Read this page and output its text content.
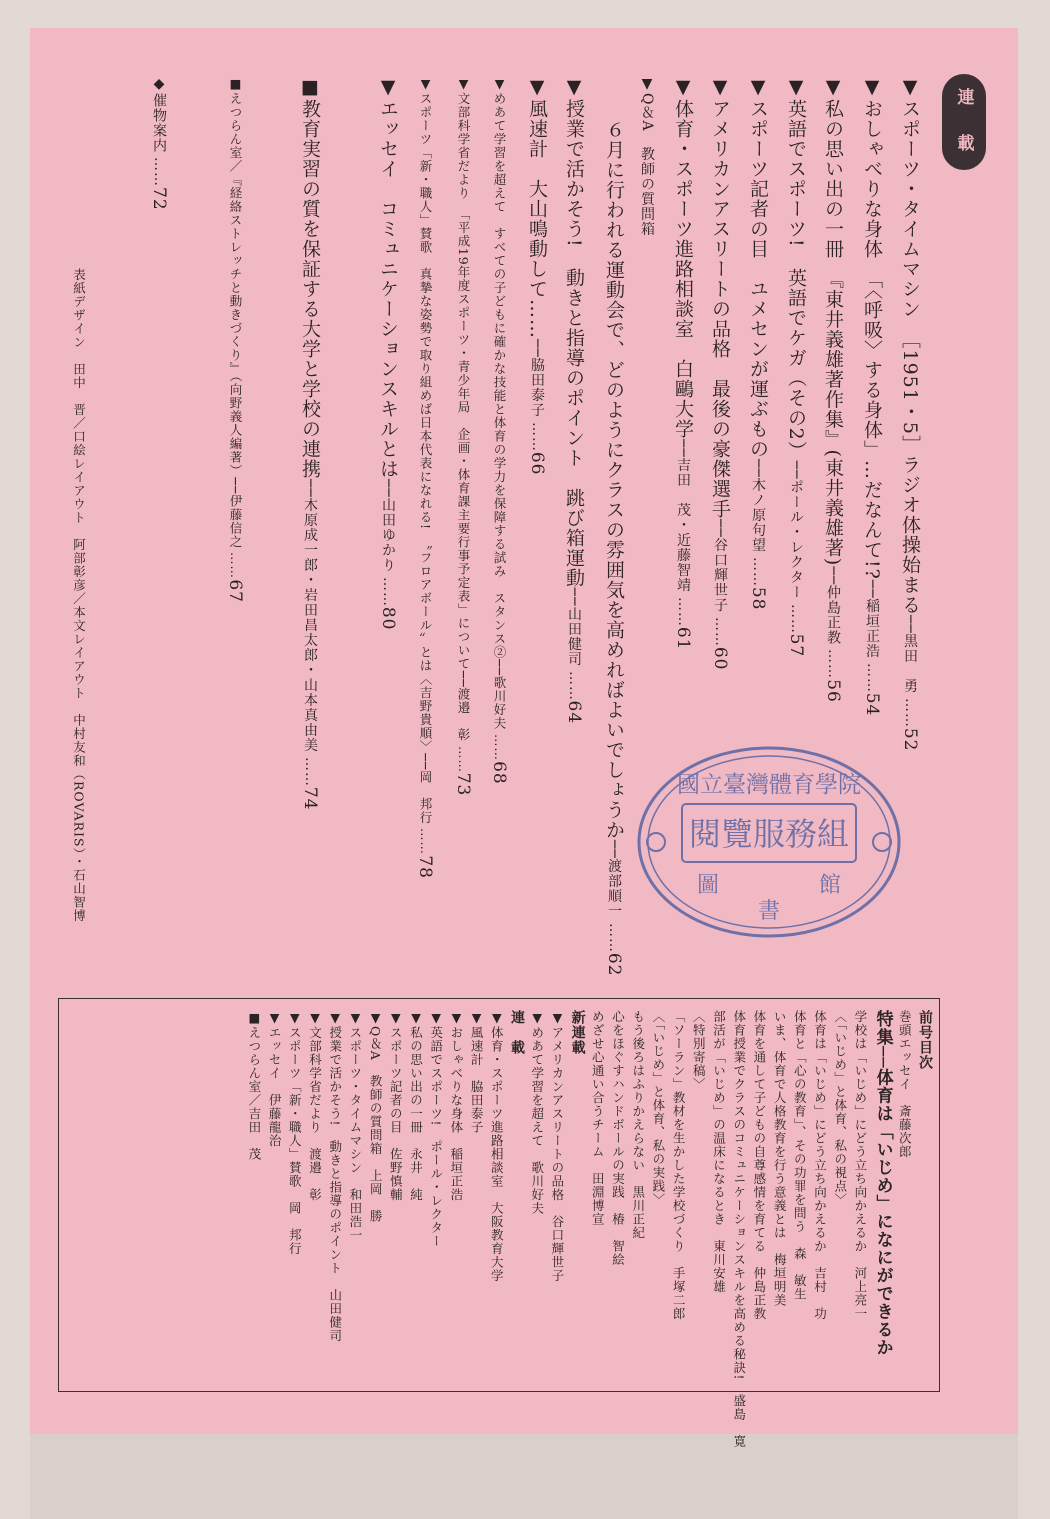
連　載
▼スポーツ・タイムマシン　［1951・5］ラジオ体操始まる──黒田　勇……52
▼おしゃべりな身体　「〈呼吸〉する身体」…だなんて!?──稲垣正浩……54
▼私の思い出の一冊　『東井義雄著作集』(東井義雄著)──仲島正教……56
▼英語でスポーツ!　英語でケガ（その2）──ポール・レクター……57
▼スポーツ記者の目　ユメセンが運ぶもの──木ノ原句望……58
▼アメリカンアスリートの品格　最後の豪傑選手──谷口輝世子……60
▼体育・スポーツ進路相談室　白鷗大学──吉田　茂・近藤智靖……61
▼Q＆A　教師の質問箱
６月に行われる運動会で、どのようにクラスの雰囲気を高めればよいでしょうか──渡部順一……62
▼授業で活かそう!　動きと指導のポイント　跳び箱運動──山田健司……64
▼風速計　大山鳴動して……──脇田泰子……66
▼めあて学習を超えて　すべての子どもに確かな技能と体育の学力を保障する試み　スタンス②──歌川好夫……68
▼文部科学省だより　「平成19年度スポーツ・青少年局　企画・体育課主要行事予定表」について──渡邉　彰……73
▼スポーツ「新・職人」賛歌　真摯な姿勢で取り組めば日本代表になれる!　〝フロアボール〟とは〈吉野貴順〉──岡　邦行……78
▼エッセイ　コミュニケーションスキルとは──山田ゆかり……80
■教育実習の質を保証する大学と学校の連携──木原成一郎・岩田昌太郎・山本真由美……74
■えつらん室／『経絡ストレッチと動きづくり』（向野義人編著）──伊藤信之……67
◆催物案内……72
表紙デザイン　田中　晋／口絵レイアウト　阿部彰彦／本文レイアウト　中村友和（ROVARIS）・石山智博	國立臺灣體育學院
閱覽服務組
圖
書
館
前号目次
巻頭エッセイ　斎藤次郎
特集──体育は「いじめ」になにができるか
学校は「いじめ」にどう立ち向かえるか　河上亮一
〈「いじめ」と体育、私の視点〉
体育は「いじめ」にどう立ち向かえるか　吉村　功
体育と「心の教育」、その功罪を問う　森　敏生
いま、体育で人格教育を行う意義とは　梅垣明美
体育を通して子どもの自尊感情を育てる　仲島正教
体育授業でクラスのコミュニケーションスキルを高める秘訣!　盛島　寛
部活が「いじめ」の温床になるとき　東川安雄
〈特別寄稿〉
「ソーラン」教材を生かした学校づくり　手塚二郎
〈「いじめ」と体育、私の実践〉
もう後ろはふりかえらない　黒川正紀
心をほぐすハンドボールの実践　椿　智絵
めざせ心通い合うチーム　田淵博宣
新連載
▼アメリカンアスリートの品格　谷口輝世子
▼めあて学習を超えて　歌川好夫
連　載
▼体育・スポーツ進路相談室　大阪教育大学
▼風速計　脇田泰子
▼おしゃべりな身体　稲垣正浩
▼英語でスポーツ!　ポール・レクター
▼私の思い出の一冊　永井　純
▼スポーツ記者の目　佐野慎輔
▼Q＆A　教師の質問箱　上岡　勝
▼スポーツ・タイムマシン　和田浩一
▼授業で活かそう!　動きと指導のポイント　山田健司
▼文部科学省だより　渡邉　彰
▼スポーツ「新・職人」賛歌　岡　邦行
▼エッセイ　伊藤龍治
■えつらん室／吉田　茂
